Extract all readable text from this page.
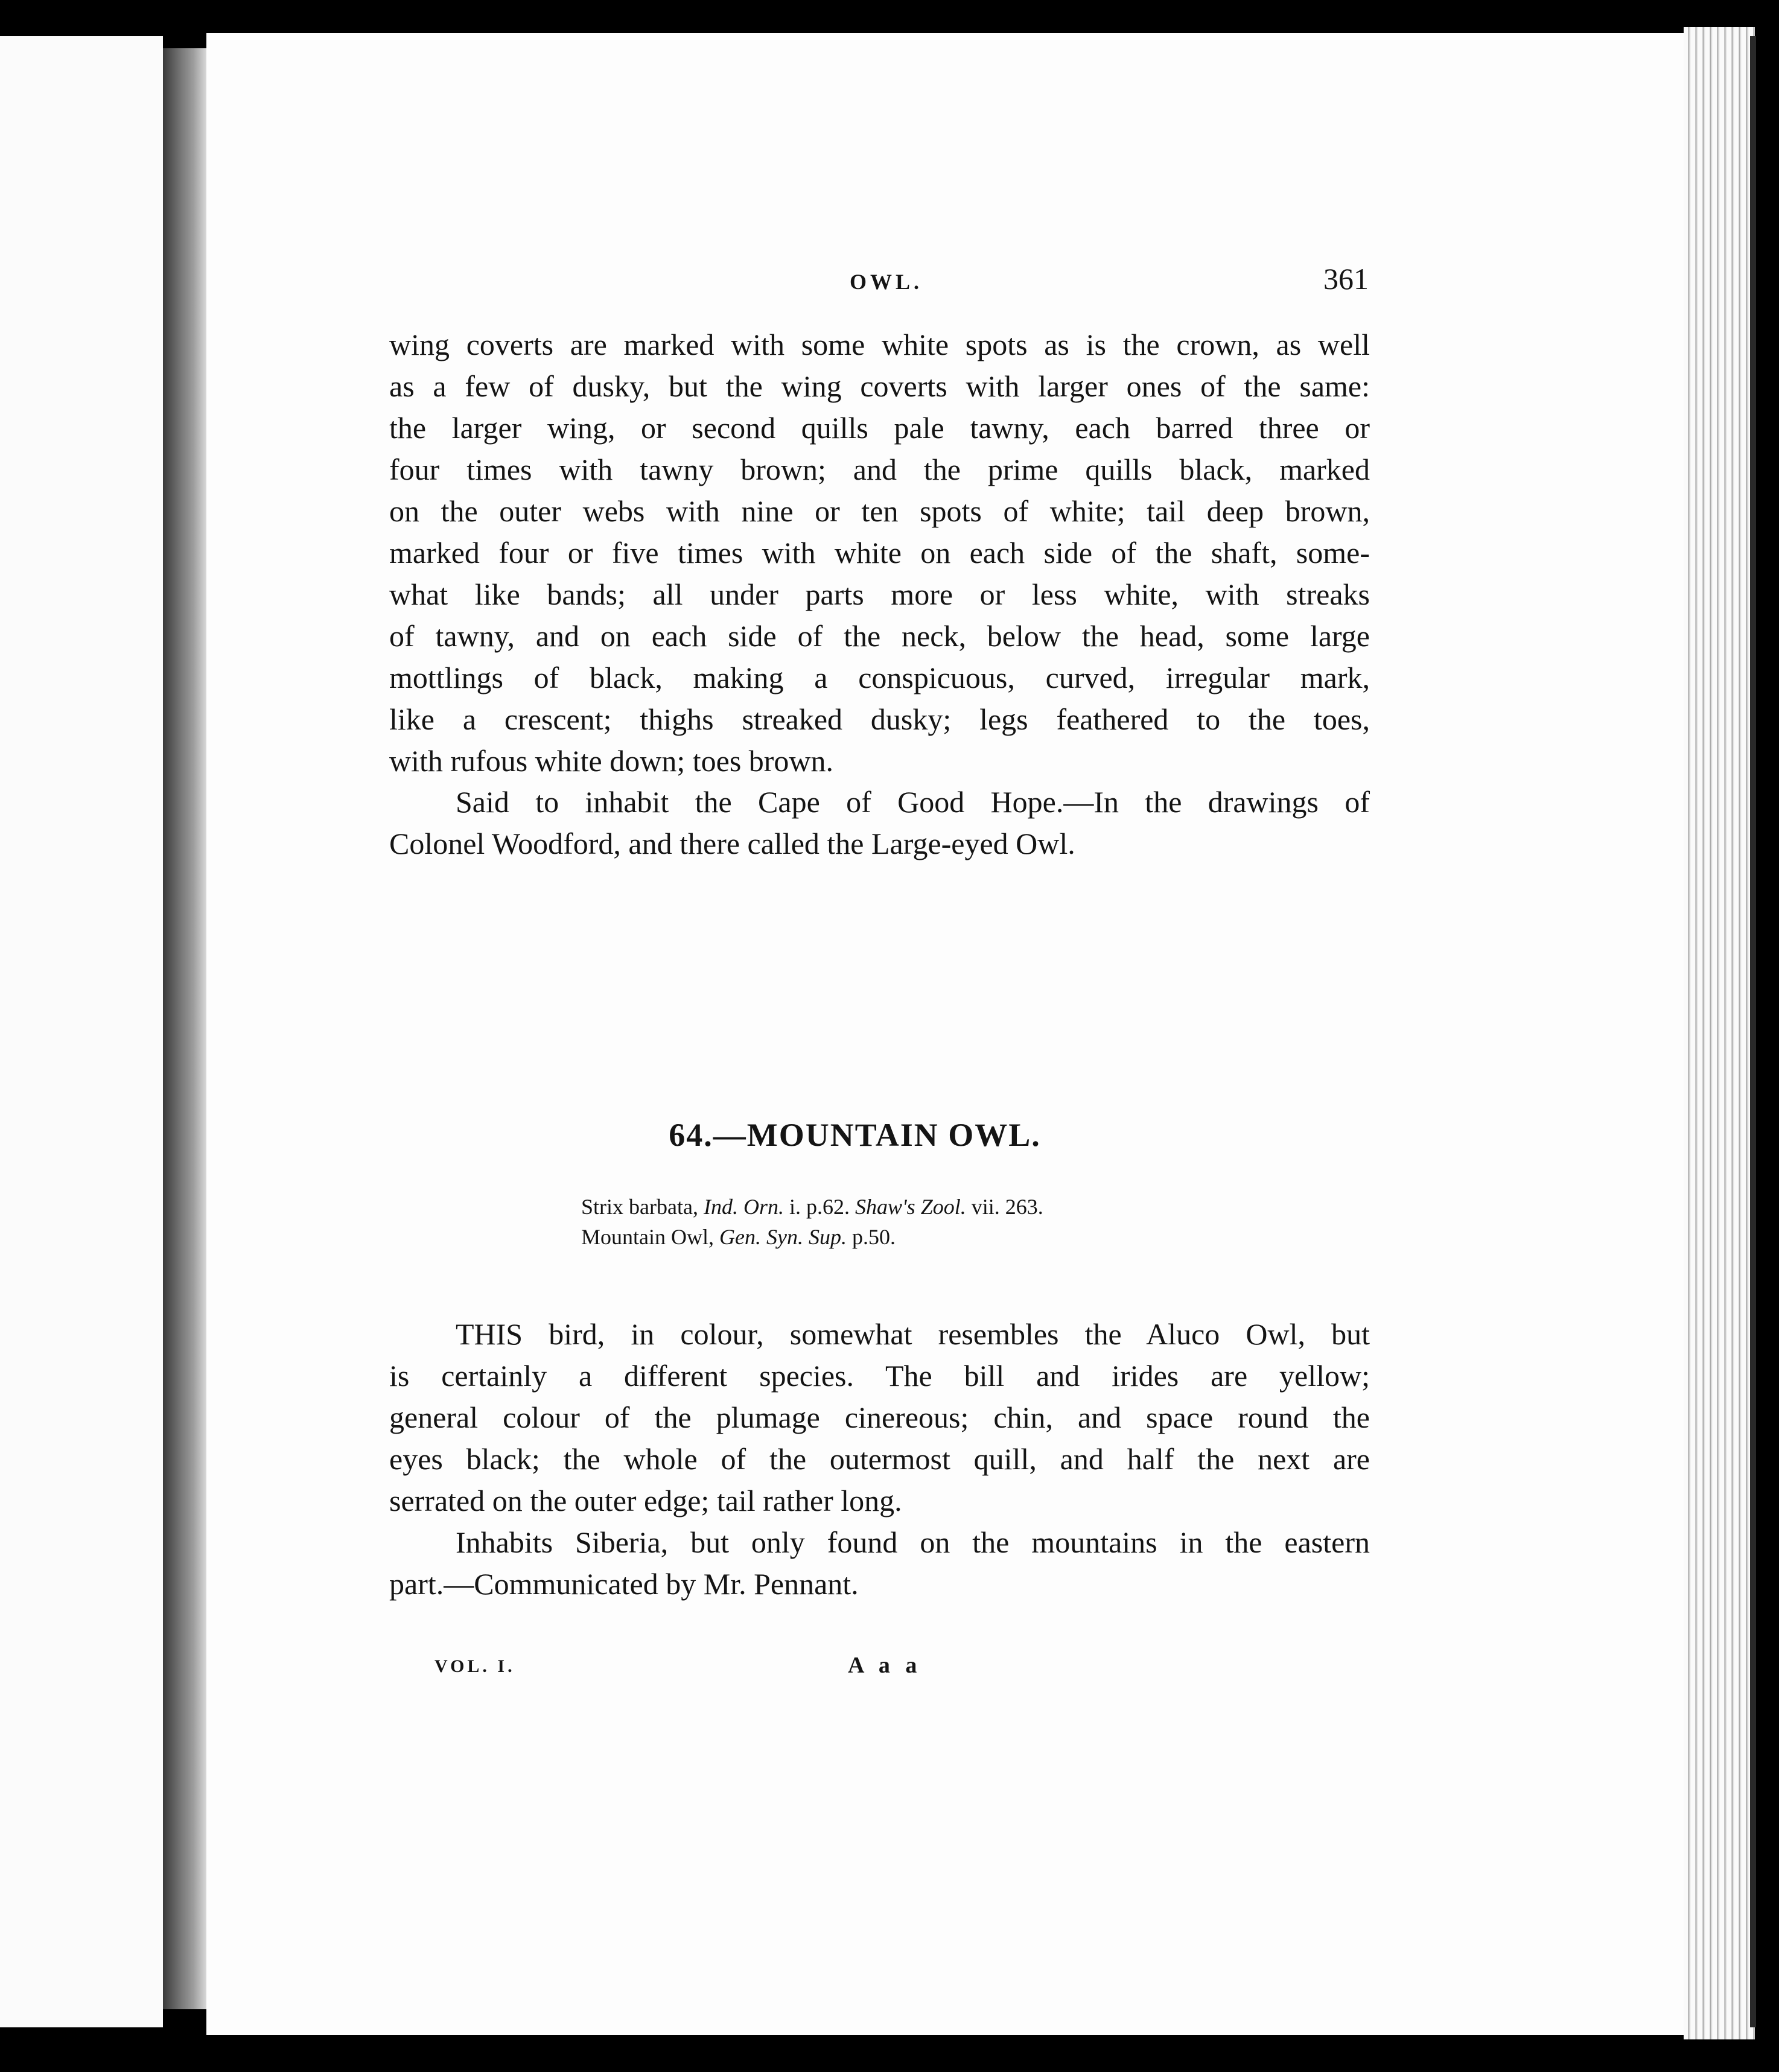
OWL.	361
wing coverts are marked with some white spots as is the crown, as well
as a few of dusky, but the wing coverts with larger ones of the same:
the larger wing, or second quills pale tawny, each barred three or
four times with tawny brown; and the prime quills black, marked
on the outer webs with nine or ten spots of white; tail deep brown,
marked four or five times with white on each side of the shaft, some-
what like bands; all under parts more or less white, with streaks
of tawny, and on each side of the neck, below the head, some large
mottlings of black, making a conspicuous, curved, irregular mark,
like a crescent; thighs streaked dusky; legs feathered to the toes,
with rufous white down; toes brown.
Said to inhabit the Cape of Good Hope.—In the drawings of
Colonel Woodford, and there called the Large-eyed Owl.
64.—MOUNTAIN OWL.
Strix barbata, Ind. Orn. i. p.62. Shaw's Zool. vii. 263.
Mountain Owl, Gen. Syn. Sup. p.50.
THIS bird, in colour, somewhat resembles the Aluco Owl, but
is certainly a different species. The bill and irides are yellow;
general colour of the plumage cinereous; chin, and space round the
eyes black; the whole of the outermost quill, and half the next are
serrated on the outer edge; tail rather long.
Inhabits Siberia, but only found on the mountains in the eastern
part.—Communicated by Mr. Pennant.
VOL. I.	A a a
